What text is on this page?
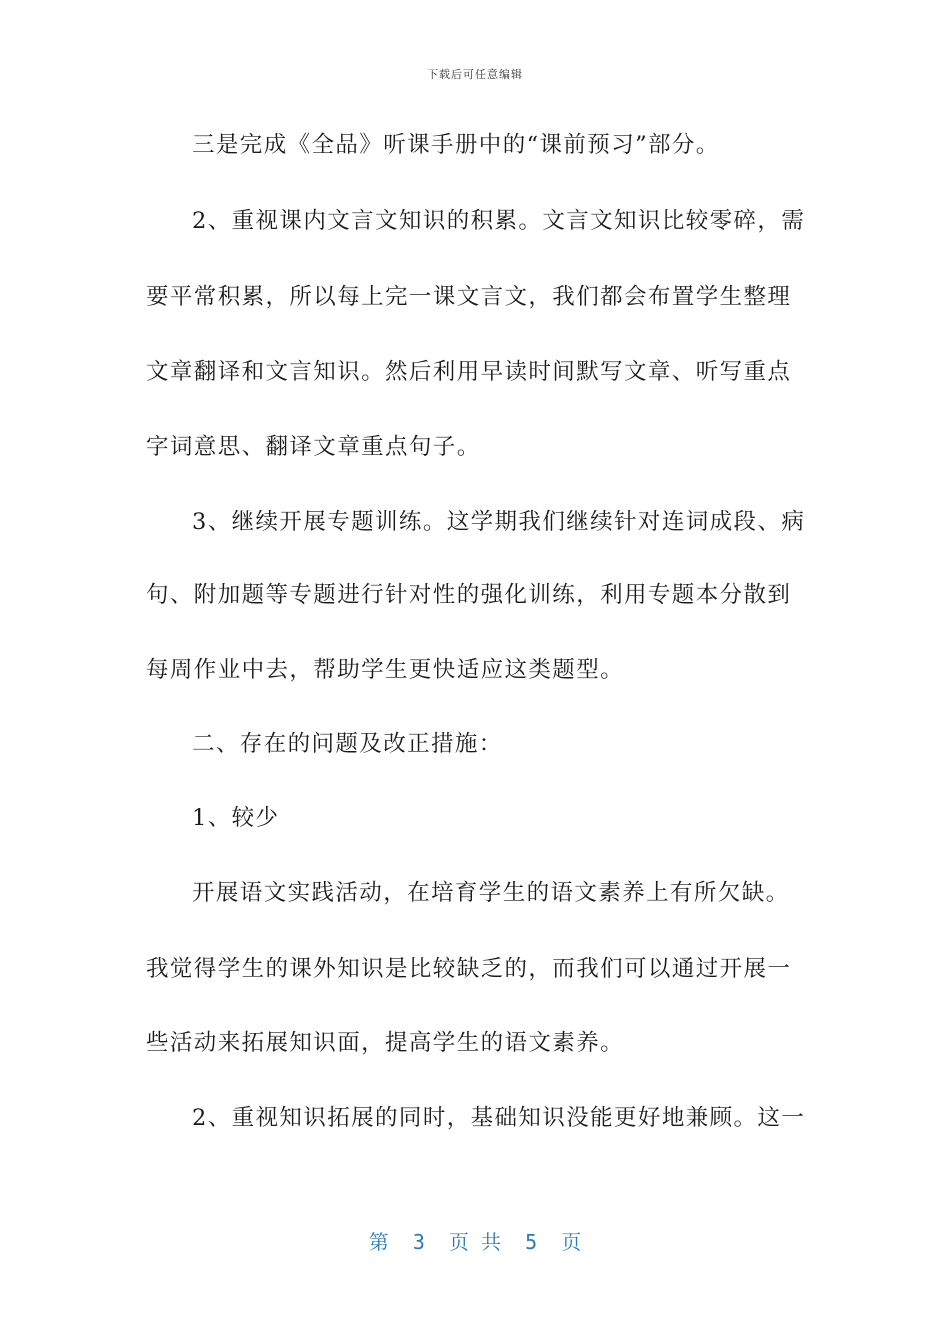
下载后可任意编辑
三是完成《全品》听课手册中的“课前预习”部分。
2、重视课内文言文知识的积累。文言文知识比较零碎，需
要平常积累，所以每上完一课文言文，我们都会布置学生整理
文章翻译和文言知识。然后利用早读时间默写文章、听写重点
字词意思、翻译文章重点句子。
3、继续开展专题训练。这学期我们继续针对连词成段、病
句、附加题等专题进行针对性的强化训练，利用专题本分散到
每周作业中去，帮助学生更快适应这类题型。
二、存在的问题及改正措施：
1、较少
开展语文实践活动，在培育学生的语文素养上有所欠缺。
我觉得学生的课外知识是比较缺乏的，而我们可以通过开展一
些活动来拓展知识面，提高学生的语文素养。
2、重视知识拓展的同时，基础知识没能更好地兼顾。这一
第  3  页 共  5  页
